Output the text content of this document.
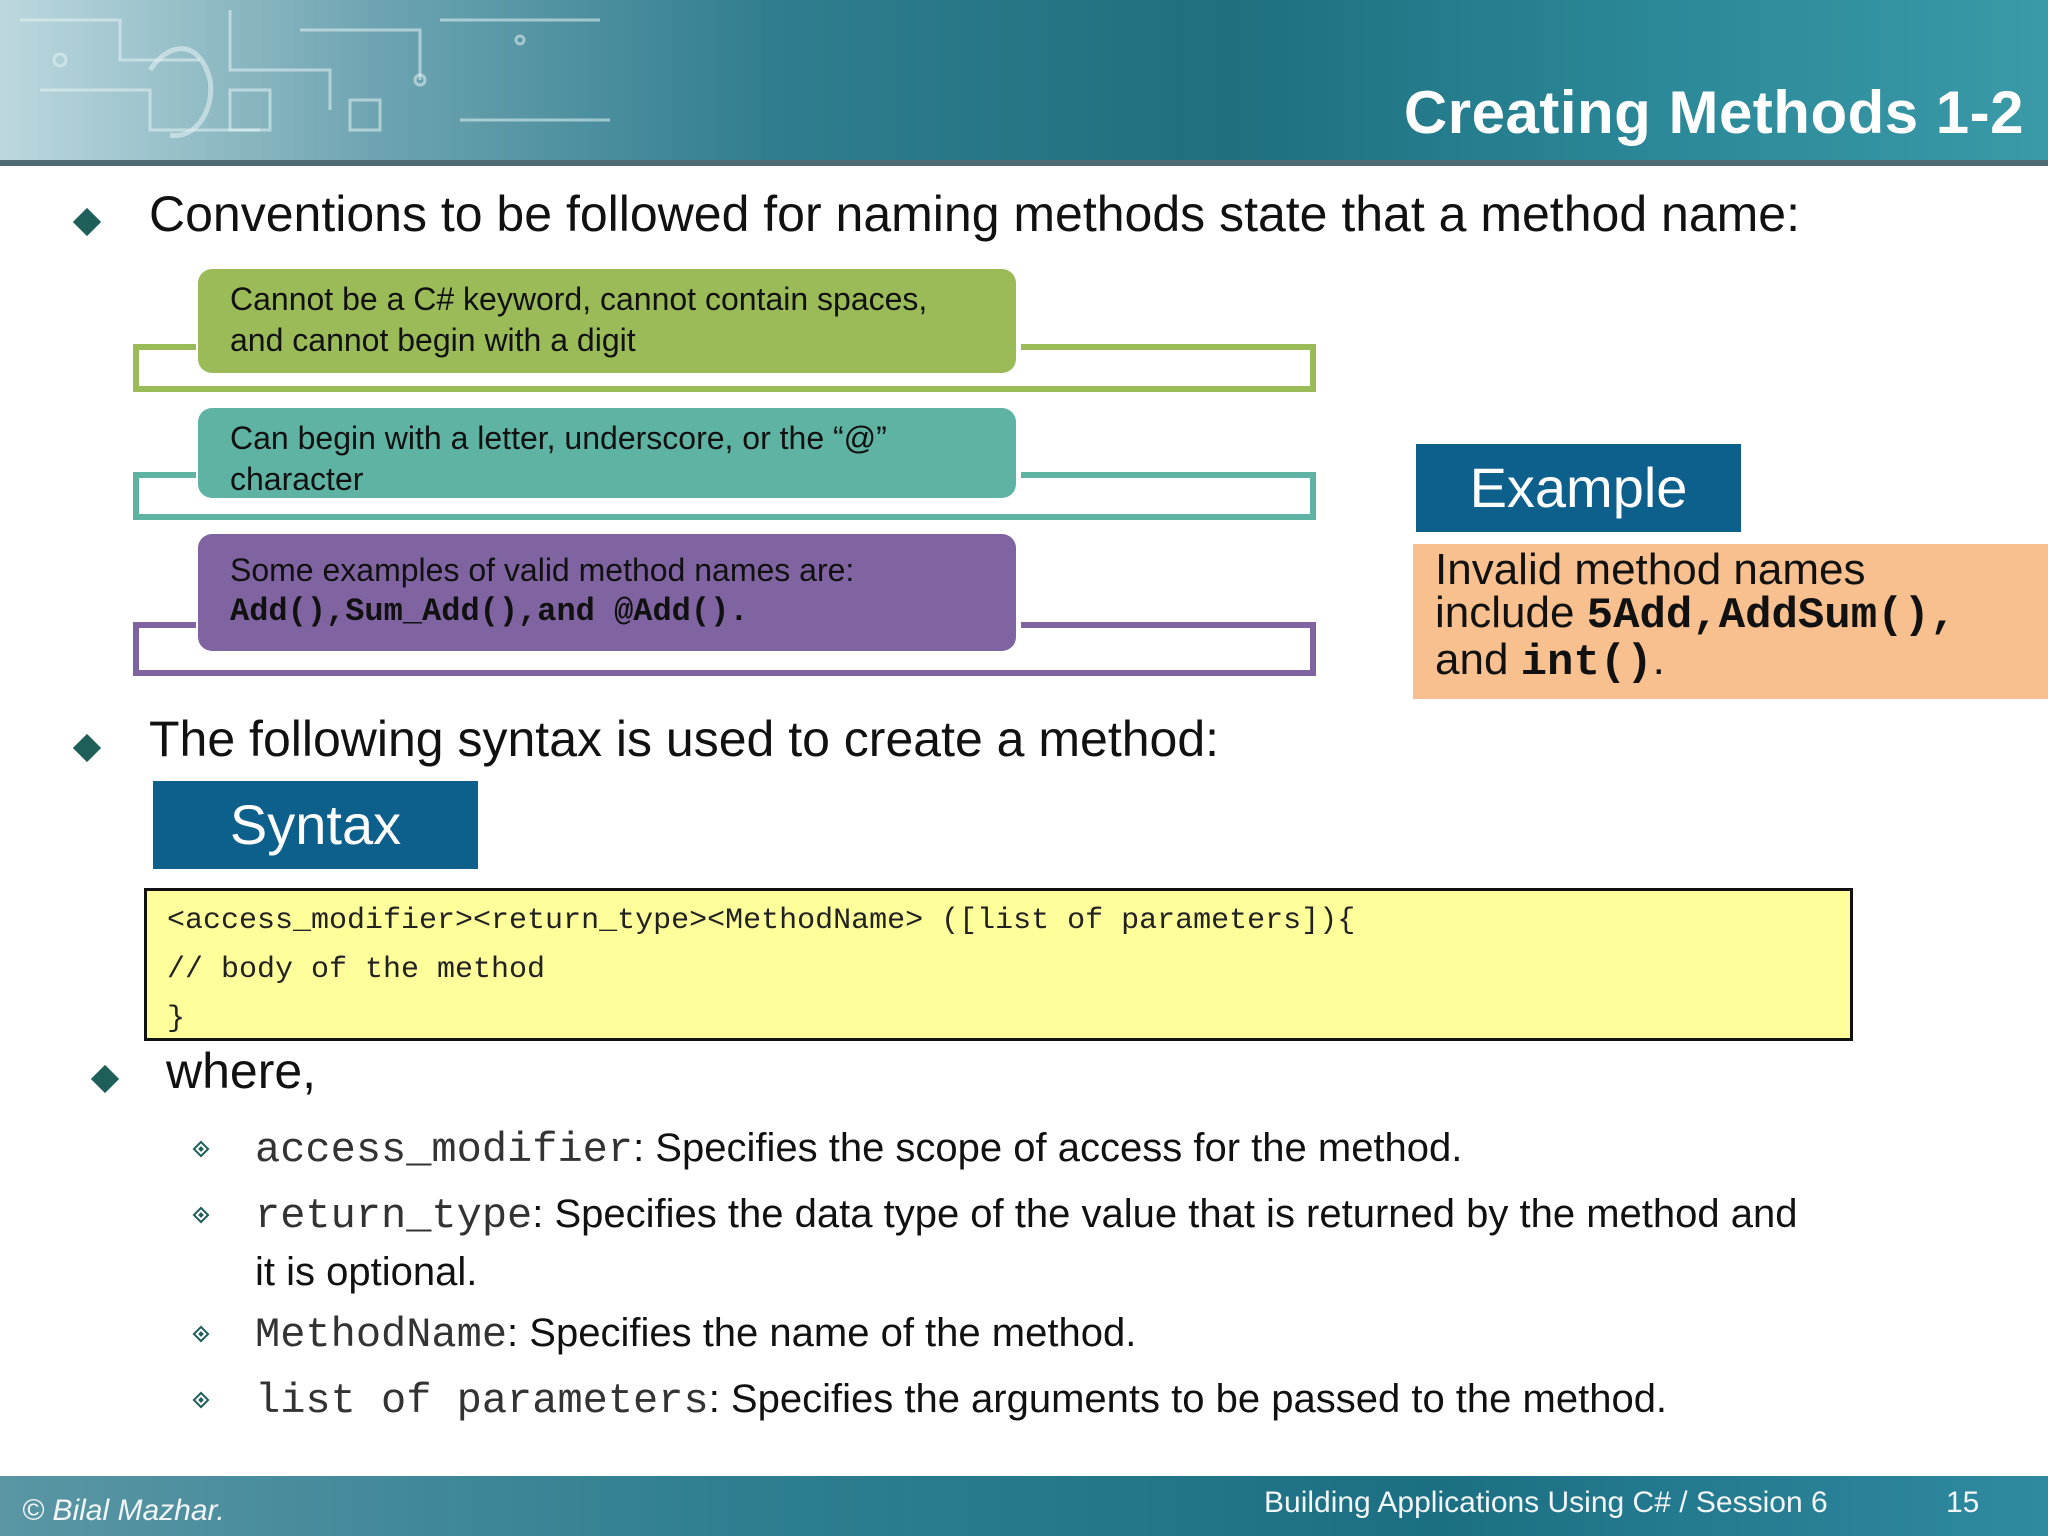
Creating Methods 1-2
Conventions to be followed for naming methods state that a method name:
Cannot be a C# keyword, cannot contain spaces,
and cannot begin with a digit
Can begin with a letter, underscore, or the “@”
character
Some examples of valid method names are:
Add(),Sum_Add(),and @Add().
Example
Invalid method names
include 5Add,AddSum(),
and int().
The following syntax is used to create a method:
Syntax
<access_modifier><return_type><MethodName> ([list of parameters]){
// body of the method
}
where,
access_modifier: Specifies the scope of access for the method.
return_type: Specifies the data type of the value that is returned by the method and
it is optional.
MethodName: Specifies the name of the method.
list of parameters: Specifies the arguments to be passed to the method.
© Bilal Mazhar.	Building Applications Using C# / Session 6	15
